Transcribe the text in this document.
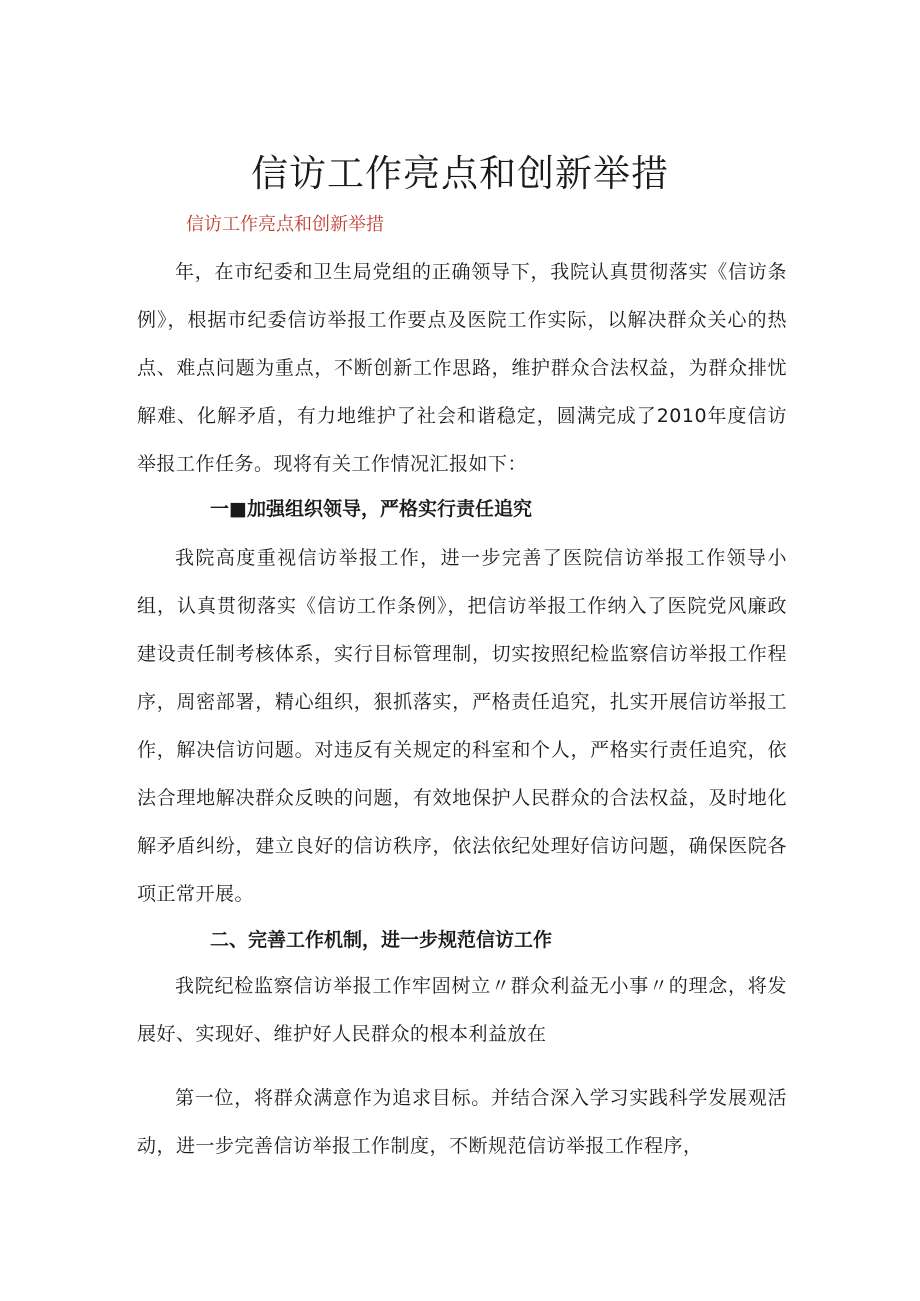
信访工作亮点和创新举措

信访工作亮点和创新举措

年，在市纪委和卫生局党组的正确领导下，我院认真贯彻落实《信访条例》，根据市纪委信访举报工作要点及医院工作实际，以解决群众关心的热点、难点问题为重点，不断创新工作思路，维护群众合法权益，为群众排忧解难、化解矛盾，有力地维护了社会和谐稳定，圆满完成了2010年度信访举报工作任务。现将有关工作情况汇报如下：

一■加强组织领导，严格实行责任追究

我院高度重视信访举报工作，进一步完善了医院信访举报工作领导小组，认真贯彻落实《信访工作条例》，把信访举报工作纳入了医院党风廉政建设责任制考核体系，实行目标管理制，切实按照纪检监察信访举报工作程序，周密部署，精心组织，狠抓落实，严格责任追究，扎实开展信访举报工作，解决信访问题。对违反有关规定的科室和个人，严格实行责任追究，依法合理地解决群众反映的问题，有效地保护人民群众的合法权益，及时地化解矛盾纠纷，建立良好的信访秩序，依法依纪处理好信访问题，确保医院各项正常开展。

二、完善工作机制，进一步规范信访工作

我院纪检监察信访举报工作牢固树立〃群众利益无小事〃的理念，将发展好、实现好、维护好人民群众的根本利益放在

第一位，将群众满意作为追求目标。并结合深入学习实践科学发展观活动，进一步完善信访举报工作制度，不断规范信访举报工作程序，
